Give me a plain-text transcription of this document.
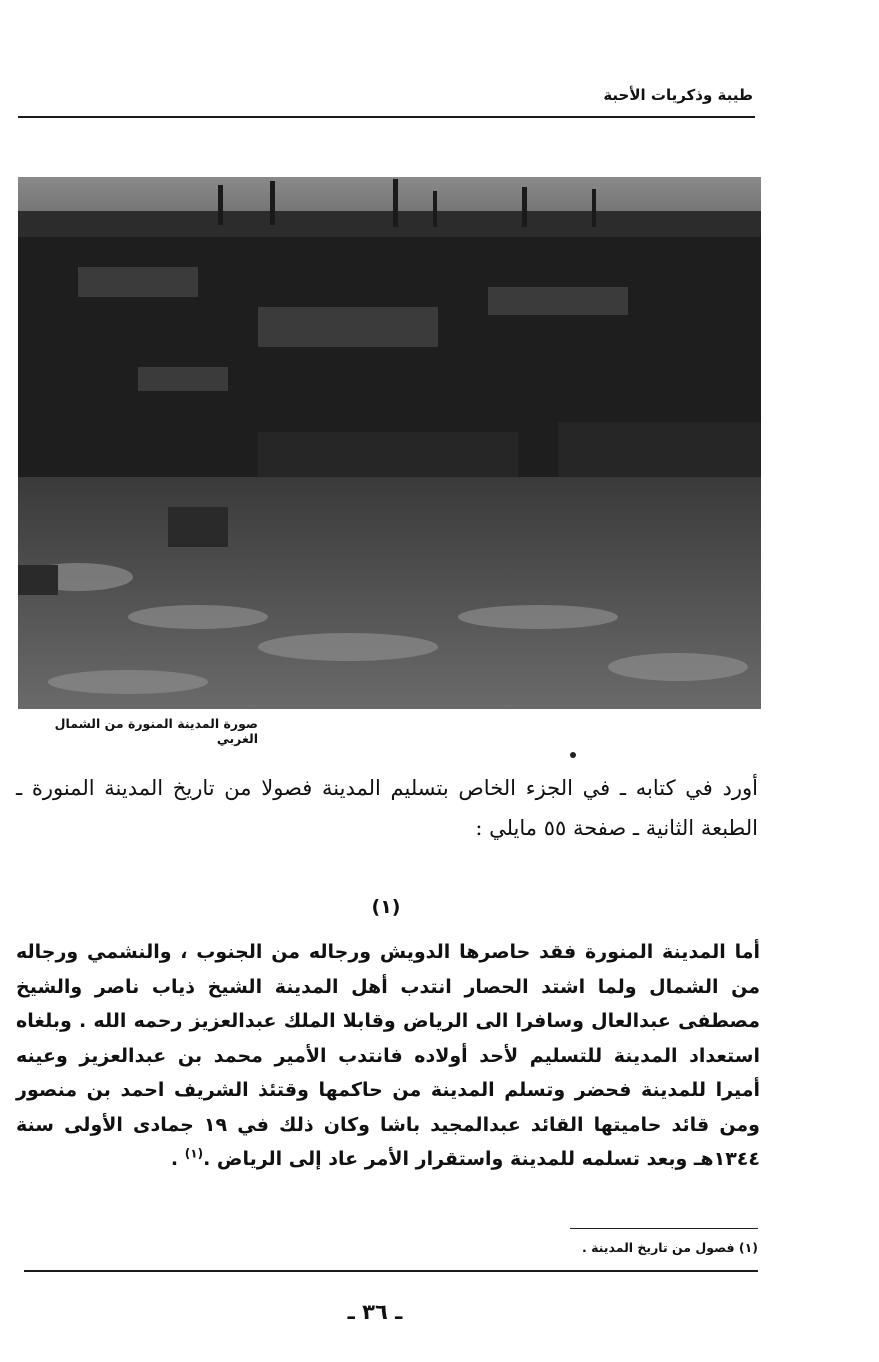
طيبة وذكريات الأحبة
صورة المدينة المنورة من الشمال الغربي

أورد في كتابه ـ في الجزء الخاص بتسليم المدينة فصولا من تاريخ المدينة المنورة ـ الطبعة الثانية ـ صفحة ٥٥ مايلي :

(١)

أما المدينة المنورة فقد حاصرها الدويش ورجاله من الجنوب ، والنشمي ورجاله من الشمال ولما اشتد الحصار انتدب أهل المدينة الشيخ ذياب ناصر والشيخ مصطفى عبدالعال وسافرا الى الرياض وقابلا الملك عبدالعزيز رحمه الله . وبلغاه استعداد المدينة للتسليم لأحد أولاده فانتدب الأمير محمد بن عبدالعزيز وعينه أميرا للمدينة فحضر وتسلم المدينة من حاكمها وقتئذ الشريف احمد بن منصور ومن قائد حاميتها القائد عبدالمجيد باشا وكان ذلك في ١٩ جمادى الأولى سنة ١٣٤٤هـ وبعد تسلمه للمدينة واستقرار الأمر عاد إلى الرياض .$^{(١)}$ .

(١) فصول من تاريخ المدينة .
ـ ٣٦ ـ
